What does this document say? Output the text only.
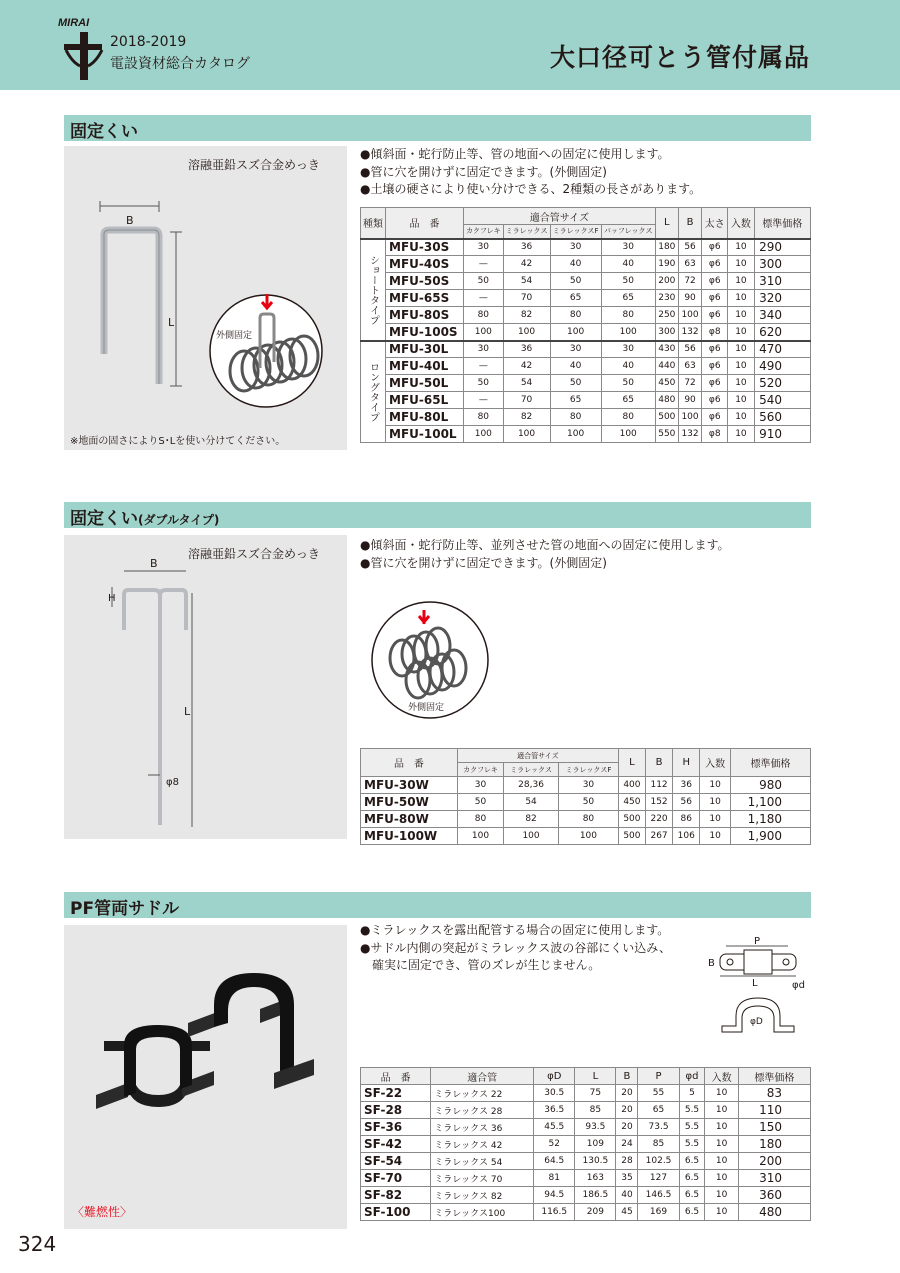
MIRAI
2018-2019
電設資材総合カタログ	大口径可とう管付属品
固定くい
溶融亜鉛スズ合金めっき
B
L
外側固定
※地面の固さによりS･Lを使い分けてください。
●傾斜面・蛇行防止等、管の地面への固定に使用します。
●管に穴を開けずに固定できます。(外側固定)
●土壌の硬さにより使い分けできる、2種類の長さがあります。
種類	品　番	適合管サイズ				L	B	太さ	入数	標準価格
		カクフレキ	ミラレックス	ミラレックスF	パッフレックス					
ショートタイプ	MFU-30S	30	36	30	30	180	56	φ6	10	290
	MFU-40S	—	42	40	40	190	63	φ6	10	300
	MFU-50S	50	54	50	50	200	72	φ6	10	310
	MFU-65S	—	70	65	65	230	90	φ6	10	320
	MFU-80S	80	82	80	80	250	100	φ6	10	340
	MFU-100S	100	100	100	100	300	132	φ8	10	620
ロングタイプ	MFU-30L	30	36	30	30	430	56	φ6	10	470
	MFU-40L	—	42	40	40	440	63	φ6	10	490
	MFU-50L	50	54	50	50	450	72	φ6	10	520
	MFU-65L	—	70	65	65	480	90	φ6	10	540
	MFU-80L	80	82	80	80	500	100	φ6	10	560
	MFU-100L	100	100	100	100	550	132	φ8	10	910
固定くい(ダブルタイプ)
溶融亜鉛スズ合金めっき
B
H
L
φ8
●傾斜面・蛇行防止等、並列させた管の地面への固定に使用します。
●管に穴を開けずに固定できます。(外側固定)
外側固定
品　番	適合管サイズ			L	B	H	入数	標準価格
	カクフレキ	ミラレックス	ミラレックスF					
MFU-30W	30	28,36	30	400	112	36	10	980
MFU-50W	50	54	50	450	152	56	10	1,100
MFU-80W	80	82	80	500	220	86	10	1,180
MFU-100W	100	100	100	500	267	106	10	1,900
PF管両サドル
〈難燃性〉
●ミラレックスを露出配管する場合の固定に使用します。
●サドル内側の突起がミラレックス波の谷部にくい込み、
　確実に固定でき、管のズレが生じません。
P
B
L	φd
φD
品　番	適合管	φD	L	B	P	φd	入数	標準価格
SF-22	ミラレックス 22	30.5	75	20	55	5	10	83
SF-28	ミラレックス 28	36.5	85	20	65	5.5	10	110
SF-36	ミラレックス 36	45.5	93.5	20	73.5	5.5	10	150
SF-42	ミラレックス 42	52	109	24	85	5.5	10	180
SF-54	ミラレックス 54	64.5	130.5	28	102.5	6.5	10	200
SF-70	ミラレックス 70	81	163	35	127	6.5	10	310
SF-82	ミラレックス 82	94.5	186.5	40	146.5	6.5	10	360
SF-100	ミラレックス100	116.5	209	45	169	6.5	10	480
324
